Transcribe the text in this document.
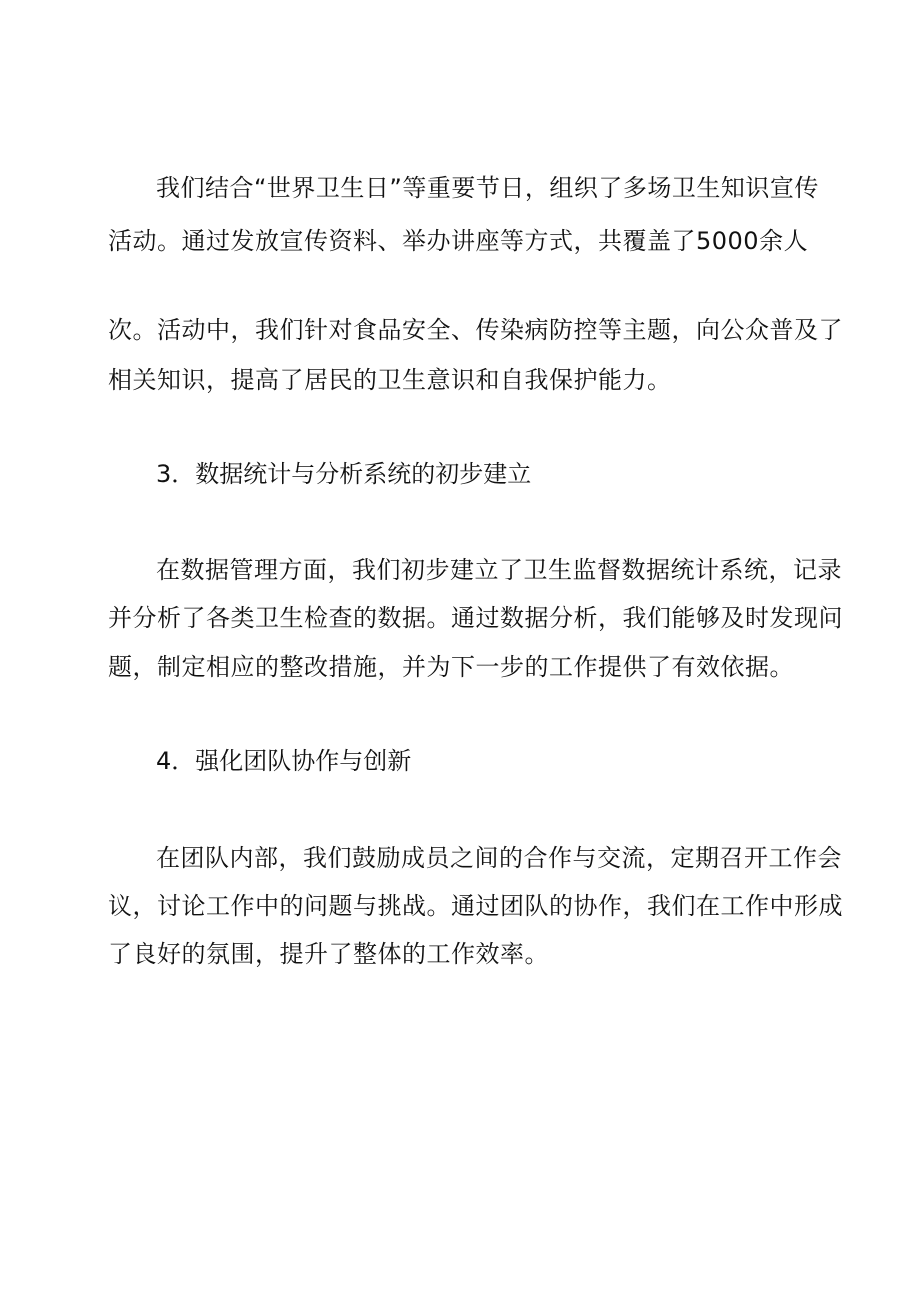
我们结合“世界卫生日”等重要节日，组织了多场卫生知识宣传
活动。通过发放宣传资料、举办讲座等方式，共覆盖了5000余人
次。活动中，我们针对食品安全、传染病防控等主题，向公众普及了
相关知识，提高了居民的卫生意识和自我保护能力。
3．数据统计与分析系统的初步建立
在数据管理方面，我们初步建立了卫生监督数据统计系统，记录
并分析了各类卫生检查的数据。通过数据分析，我们能够及时发现问
题，制定相应的整改措施，并为下一步的工作提供了有效依据。
4．强化团队协作与创新
在团队内部，我们鼓励成员之间的合作与交流，定期召开工作会
议，讨论工作中的问题与挑战。通过团队的协作，我们在工作中形成
了良好的氛围，提升了整体的工作效率。
